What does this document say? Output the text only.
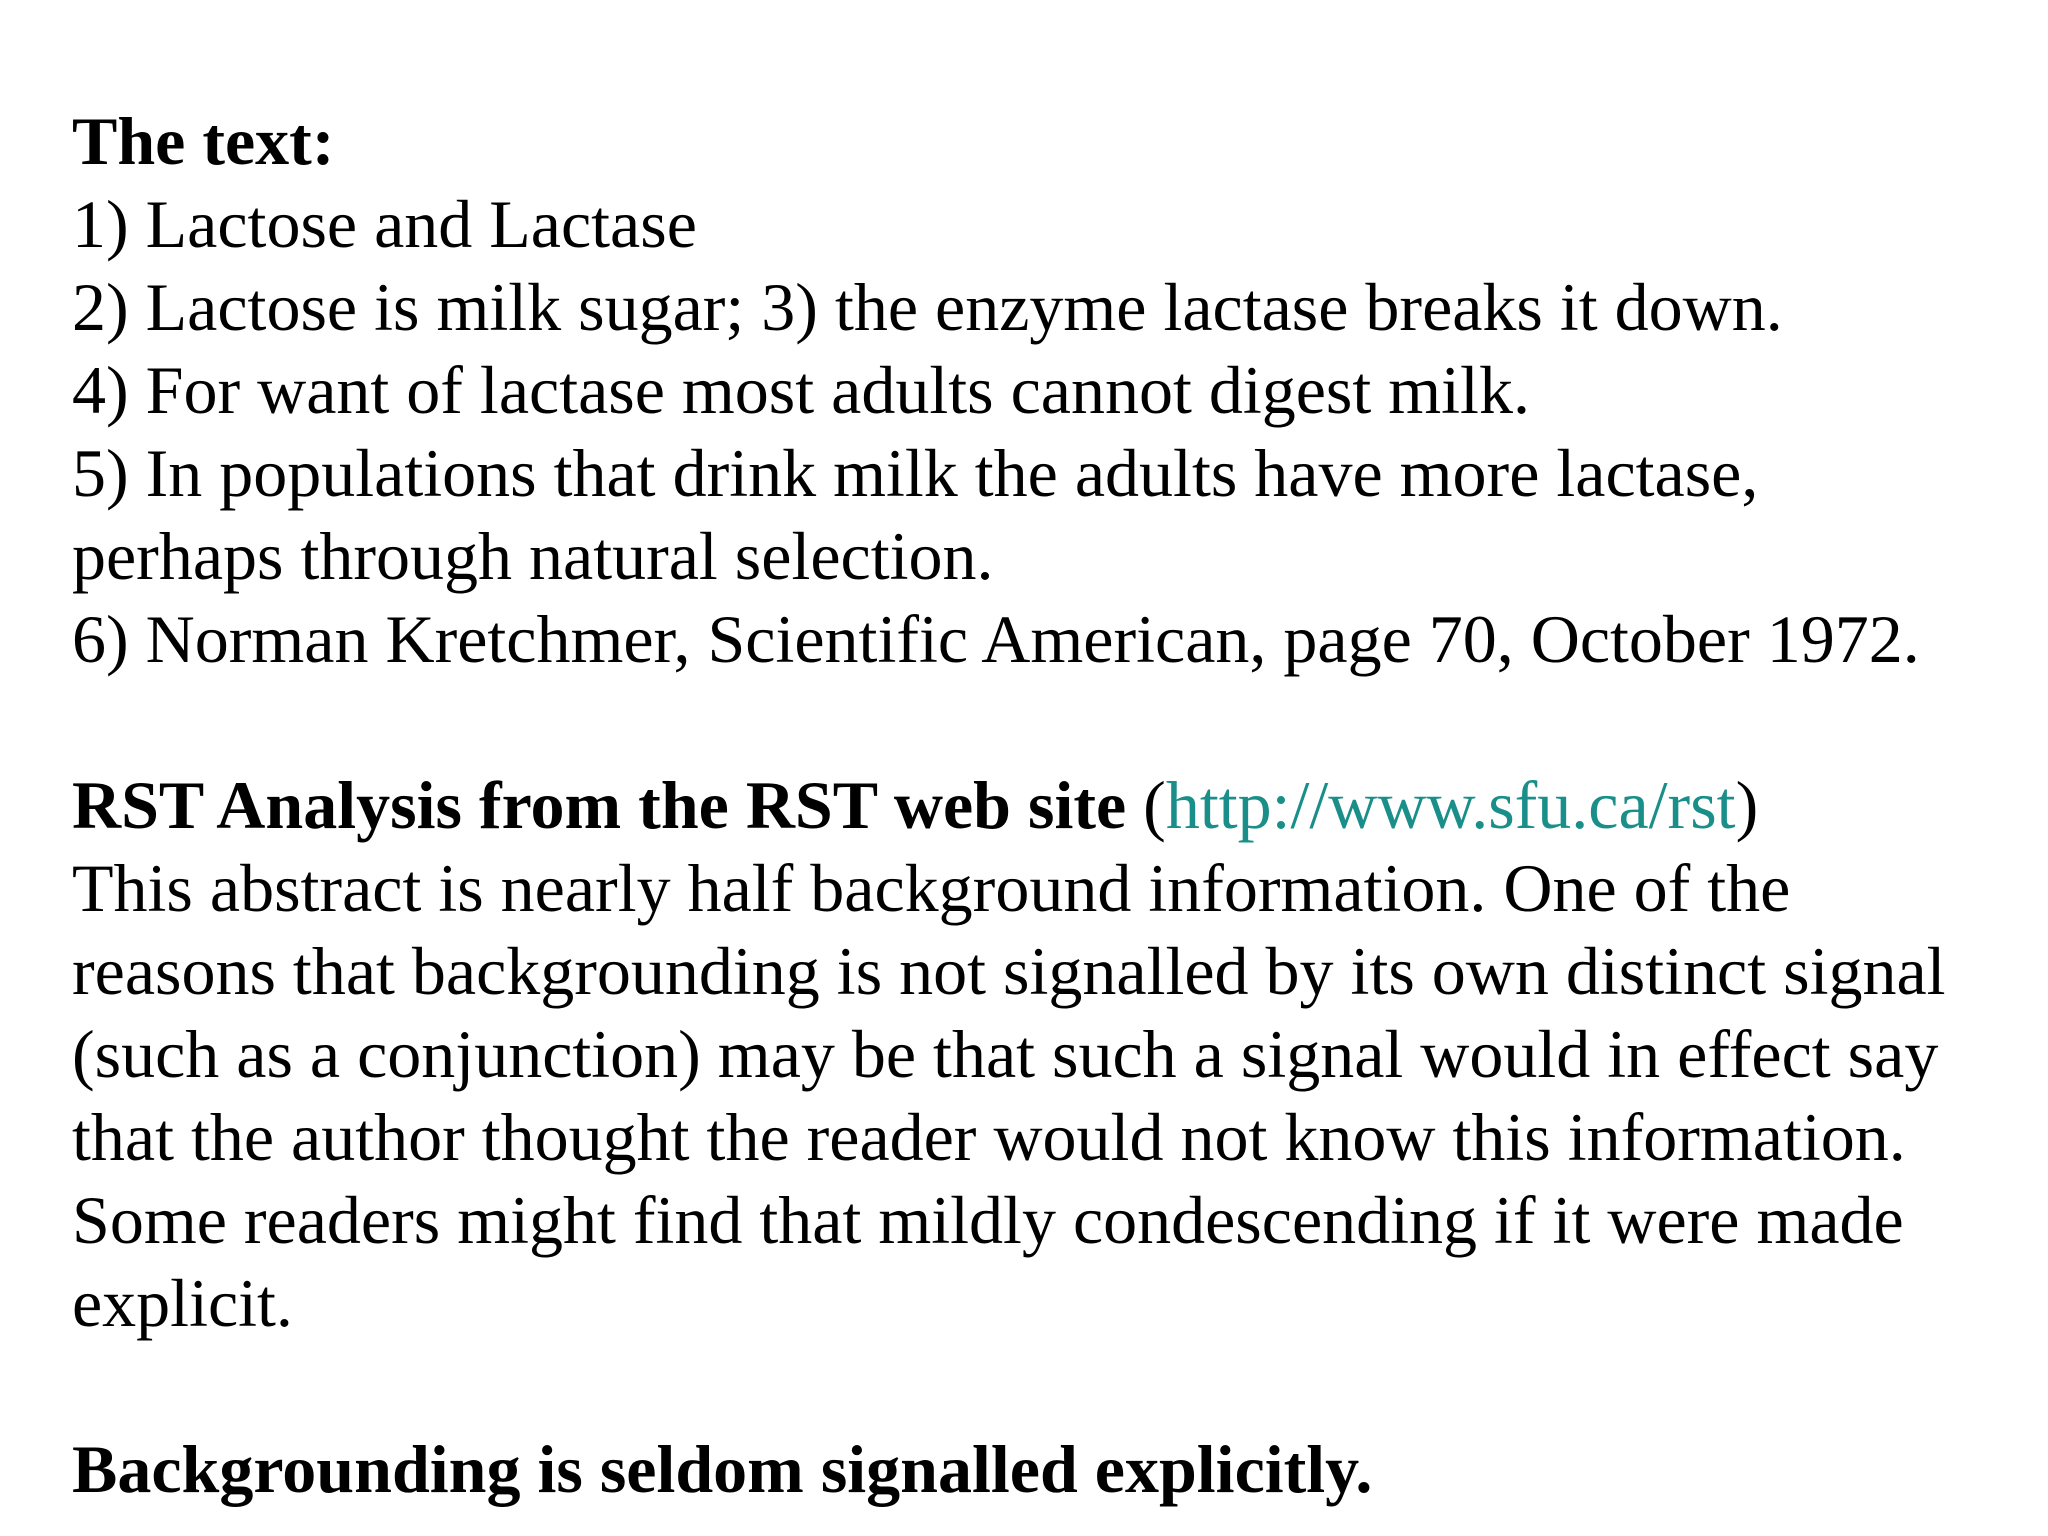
The text:
1) Lactose and Lactase
2) Lactose is milk sugar; 3) the enzyme lactase breaks it down.
4) For want of lactase most adults cannot digest milk.
5) In populations that drink milk the adults have more lactase,
perhaps through natural selection.
6) Norman Kretchmer, Scientific American, page 70, October 1972.
RST Analysis from the RST web site (http://www.sfu.ca/rst)
This abstract is nearly half background information. One of the
reasons that backgrounding is not signalled by its own distinct signal
(such as a conjunction) may be that such a signal would in effect say
that the author thought the reader would not know this information.
Some readers might find that mildly condescending if it were made
explicit.
Backgrounding is seldom signalled explicitly.
